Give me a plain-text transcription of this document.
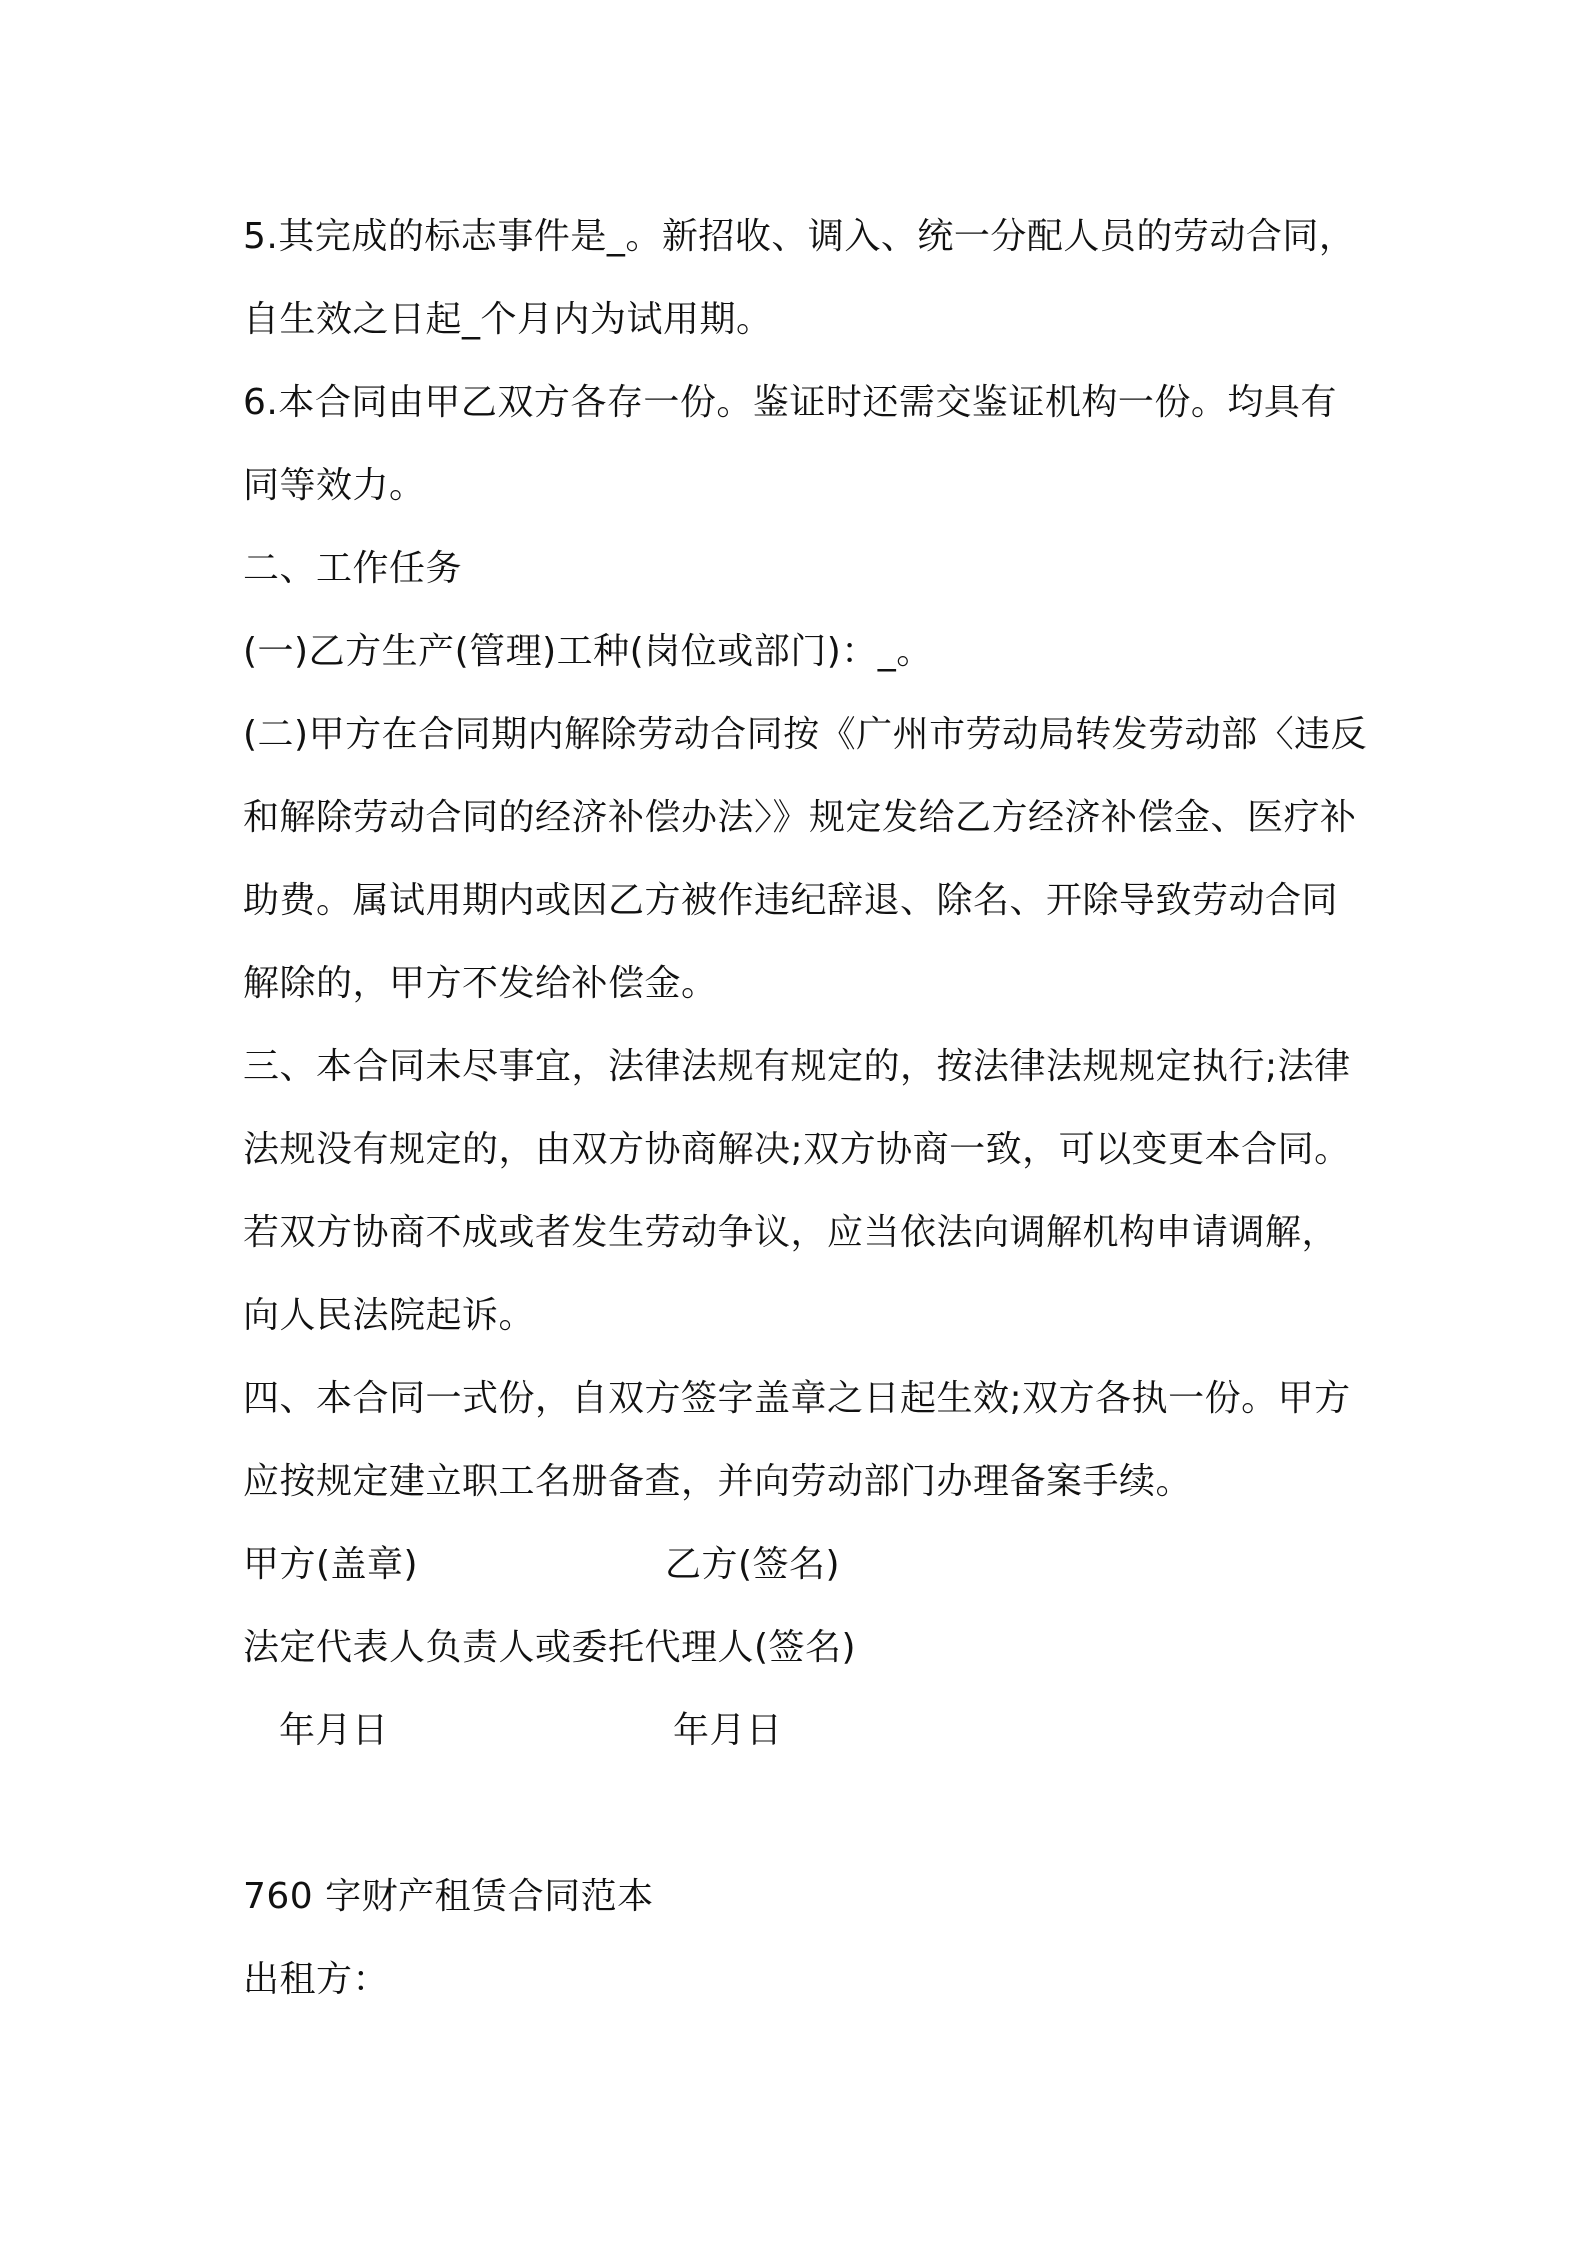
5.其完成的标志事件是_。新招收、调入、统一分配人员的劳动合同，自生效之日起_个月内为试用期。

6.本合同由甲乙双方各存一份。鉴证时还需交鉴证机构一份。均具有同等效力。

二、工作任务

(一)乙方生产(管理)工种(岗位或部门)：_。

(二)甲方在合同期内解除劳动合同按《广州市劳动局转发劳动部〈违反和解除劳动合同的经济补偿办法〉》规定发给乙方经济补偿金、医疗补助费。属试用期内或因乙方被作违纪辞退、除名、开除导致劳动合同解除的，甲方不发给补偿金。

三、本合同未尽事宜，法律法规有规定的，按法律法规规定执行;法律法规没有规定的，由双方协商解决;双方协商一致，可以变更本合同。若双方协商不成或者发生劳动争议，应当依法向调解机构申请调解，向人民法院起诉。

四、本合同一式份，自双方签字盖章之日起生效;双方各执一份。甲方应按规定建立职工名册备查，并向劳动部门办理备案手续。

甲方(盖章)	乙方(签名)

法定代表人负责人或委托代理人(签名)

年月日	年月日

760 字财产租赁合同范本

出租方：
